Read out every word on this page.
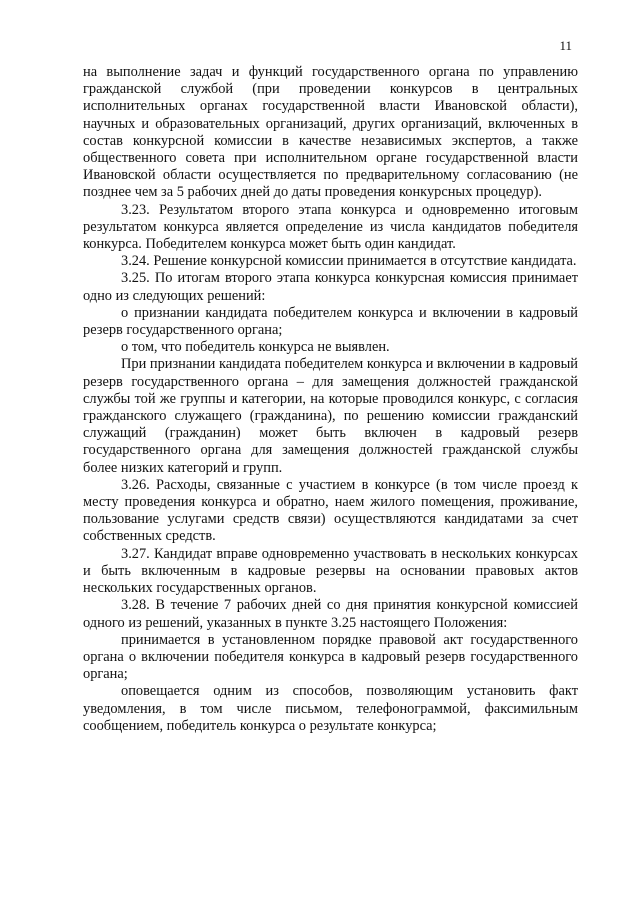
11

на выполнение задач и функций государственного органа по управлению гражданской службой (при проведении конкурсов в центральных исполнительных органах государственной власти Ивановской области), научных и образовательных организаций, других организаций, включенных в состав конкурсной комиссии в качестве независимых экспертов, а также общественного совета при исполнительном органе государственной власти Ивановской области осуществляется по предварительному согласованию (не позднее чем за 5 рабочих дней до даты проведения конкурсных процедур).

3.23. Результатом второго этапа конкурса и одновременно итоговым результатом конкурса является определение из числа кандидатов победителя конкурса. Победителем конкурса может быть один кандидат.

3.24. Решение конкурсной комиссии принимается в отсутствие кандидата.

3.25. По итогам второго этапа конкурса конкурсная комиссия принимает одно из следующих решений:

о признании кандидата победителем конкурса и включении в кадровый резерв государственного органа;

о том, что победитель конкурса не выявлен.

При признании кандидата победителем конкурса и включении в кадровый резерв государственного органа – для замещения должностей гражданской службы той же группы и категории, на которые проводился конкурс, с согласия гражданского служащего (гражданина), по решению комиссии гражданский служащий (гражданин) может быть включен в кадровый резерв государственного органа для замещения должностей гражданской службы более низких категорий и групп.

3.26. Расходы, связанные с участием в конкурсе (в том числе проезд к месту проведения конкурса и обратно, наем жилого помещения, проживание, пользование услугами средств связи) осуществляются кандидатами за счет собственных средств.

3.27. Кандидат вправе одновременно участвовать в нескольких конкурсах и быть включенным в кадровые резервы на основании правовых актов нескольких государственных органов.

3.28. В течение 7 рабочих дней со дня принятия конкурсной комиссией одного из решений, указанных в пункте 3.25 настоящего Положения:

принимается в установленном порядке правовой акт государственного органа о включении победителя конкурса в кадровый резерв государственного органа;

оповещается одним из способов, позволяющим установить факт уведомления, в том числе письмом, телефонограммой, факсимильным сообщением, победитель конкурса о результате конкурса;
